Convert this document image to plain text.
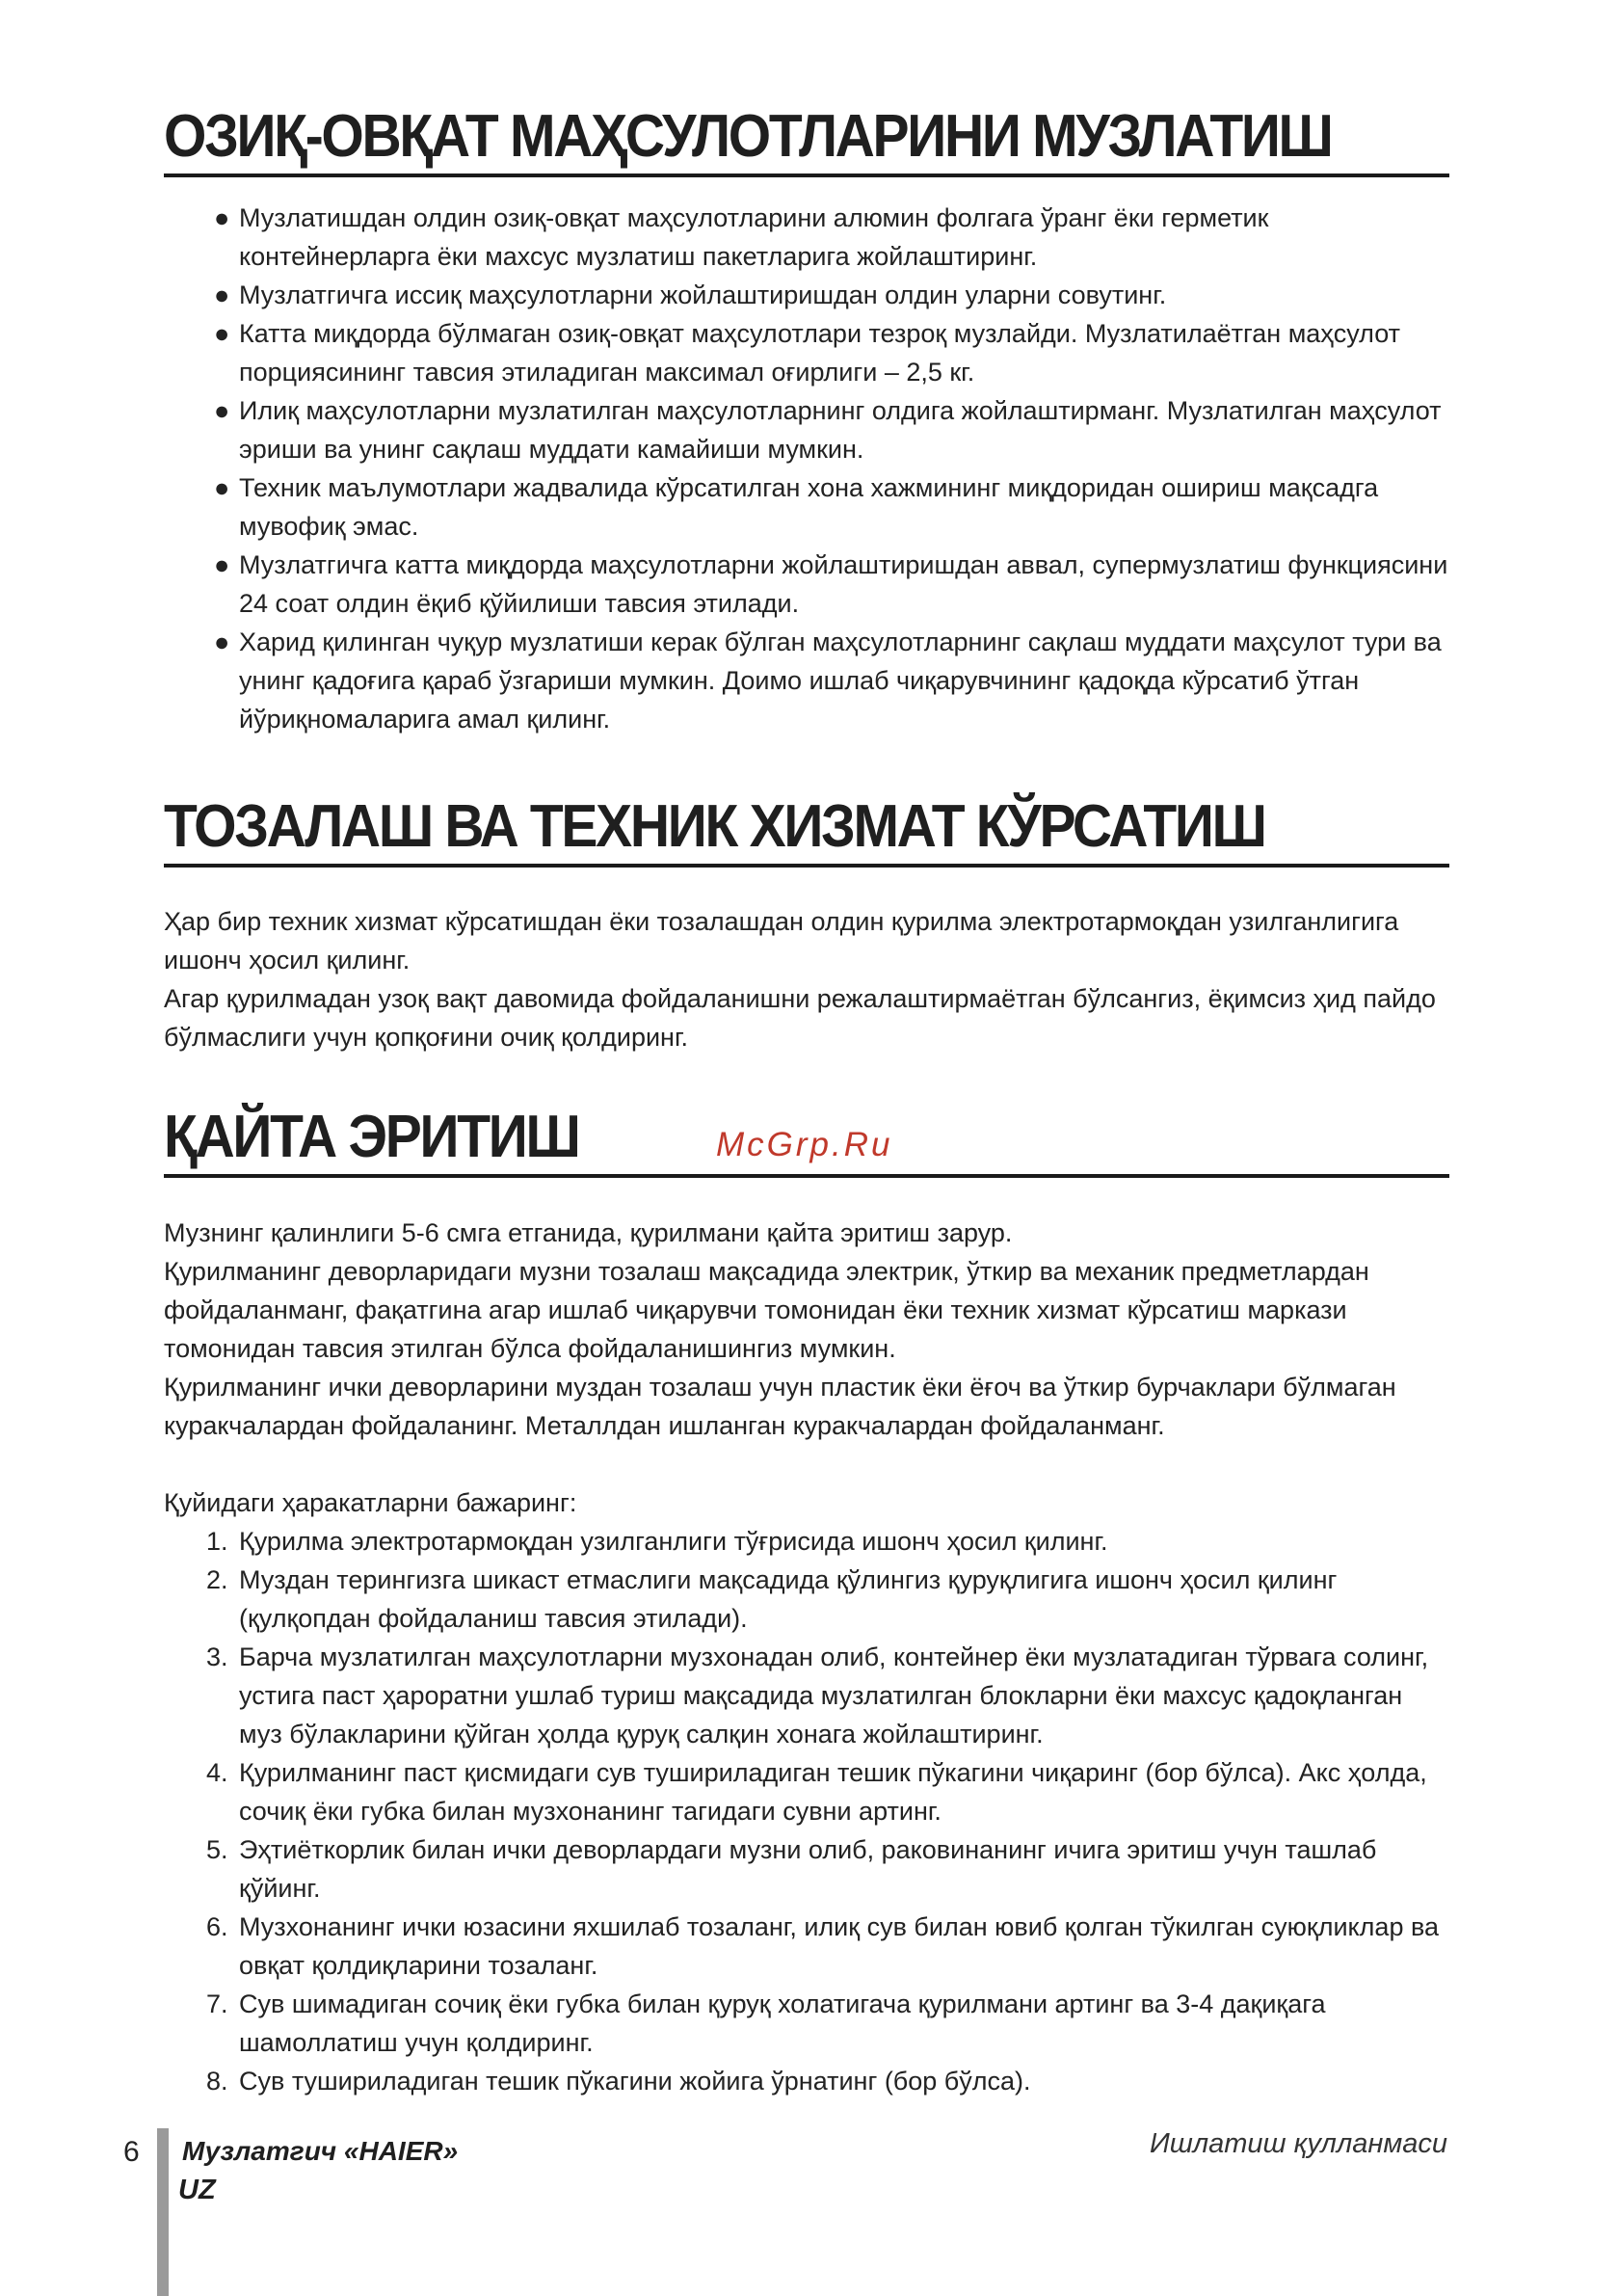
ОЗИҚ-ОВҚАТ МАҲСУЛОТЛАРИНИ МУЗЛАТИШ
● Музлатишдан олдин озиқ-овқат маҳсулотларини алюмин фолгага ўранг ёки герметик контейнерларга ёки махсус музлатиш пакетларига жойлаштиринг.
● Музлатгичга иссиқ маҳсулотларни жойлаштиришдан олдин уларни совутинг.
● Катта миқдорда бўлмаган озиқ-овқат маҳсулотлари тезроқ музлайди. Музлатилаётган маҳсулот порциясининг тавсия этиладиган максимал оғирлиги – 2,5 кг.
● Илиқ маҳсулотларни музлатилган маҳсулотларнинг олдига жойлаштирманг. Музлатилган маҳсулот эриши ва унинг сақлаш муддати камайиши мумкин.
● Техник маълумотлари жадвалида кўрсатилган хона хажмининг миқдоридан ошириш мақсадга мувофиқ эмас.
● Музлатгичга катта миқдорда маҳсулотларни жойлаштиришдан аввал, супермузлатиш функциясини 24 соат олдин ёқиб қўйилиши тавсия этилади.
● Харид қилинган чуқур музлатиши керак бўлган маҳсулотларнинг сақлаш муддати маҳсулот тури ва унинг қадоғига қараб ўзгариши мумкин. Доимо ишлаб чиқарувчининг қадоқда кўрсатиб ўтган йўриқномаларига амал қилинг.
ТОЗАЛАШ ВА ТЕХНИК ХИЗМАТ КЎРСАТИШ

Ҳар бир техник хизмат кўрсатишдан ёки тозалашдан олдин қурилма электротармоқдан узилганлигига ишонч ҳосил қилинг.

Агар қурилмадан узоқ вақт давомида фойдаланишни режалаштирмаётган бўлсангиз, ёқимсиз ҳид пайдо бўлмаслиги учун қопқоғини очиқ қолдиринг.

ҚАЙТА ЭРИТИШ

Музнинг қалинлиги 5-6 смга етганида, қурилмани қайта эритиш зарур.

Қурилманинг деворларидаги музни тозалаш мақсадида электрик, ўткир ва механик предметлардан фойдаланманг, фақатгина агар ишлаб чиқарувчи томонидан ёки техник хизмат кўрсатиш маркази томонидан тавсия этилган бўлса фойдаланишингиз мумкин.

Қурилманинг ички деворларини муздан тозалаш учун пластик ёки ёғоч ва ўткир бурчаклари бўлмаган куракчалардан фойдаланинг. Металлдан ишланган куракчалардан фойдаланманг.

Қуйидаги ҳаракатларни бажаринг:

1. Қурилма электротармоқдан узилганлиги тўғрисида ишонч ҳосил қилинг.
2. Муздан терингизга шикаст етмаслиги мақсадида қўлингиз қуруқлигига ишонч ҳосил қилинг (қулқопдан фойдаланиш тавсия этилади).
3. Барча музлатилган маҳсулотларни музхонадан олиб, контейнер ёки музлатадиган тўрвага солинг, устига паст ҳароратни ушлаб туриш мақсадида музлатилган блокларни ёки махсус қадоқланган муз бўлакларини қўйган ҳолда қуруқ салқин хонага жойлаштиринг.
4. Қурилманинг паст қисмидаги сув тушириладиган тешик пўкагини чиқаринг (бор бўлса). Акс ҳолда, сочиқ ёки губка билан музхонанинг тагидаги сувни артинг.
5. Эҳтиёткорлик билан ички деворлардаги музни олиб, раковинанинг ичига эритиш учун ташлаб қўйинг.
6. Музхонанинг ички юзасини яхшилаб тозаланг, илиқ сув билан ювиб қолган тўкилган суюқликлар ва овқат қолдиқларини тозаланг.
7. Сув шимадиган сочиқ ёки губка билан қуруқ холатигача қурилмани артинг ва 3-4 дақиқага шамоллатиш учун қолдиринг.
8. Сув тушириладиган тешик пўкагини жойига ўрнатинг (бор бўлса).
McGrp.Ru
6 Музлатгич «HAIER»
UZ
Ишлатиш қулланмаси
